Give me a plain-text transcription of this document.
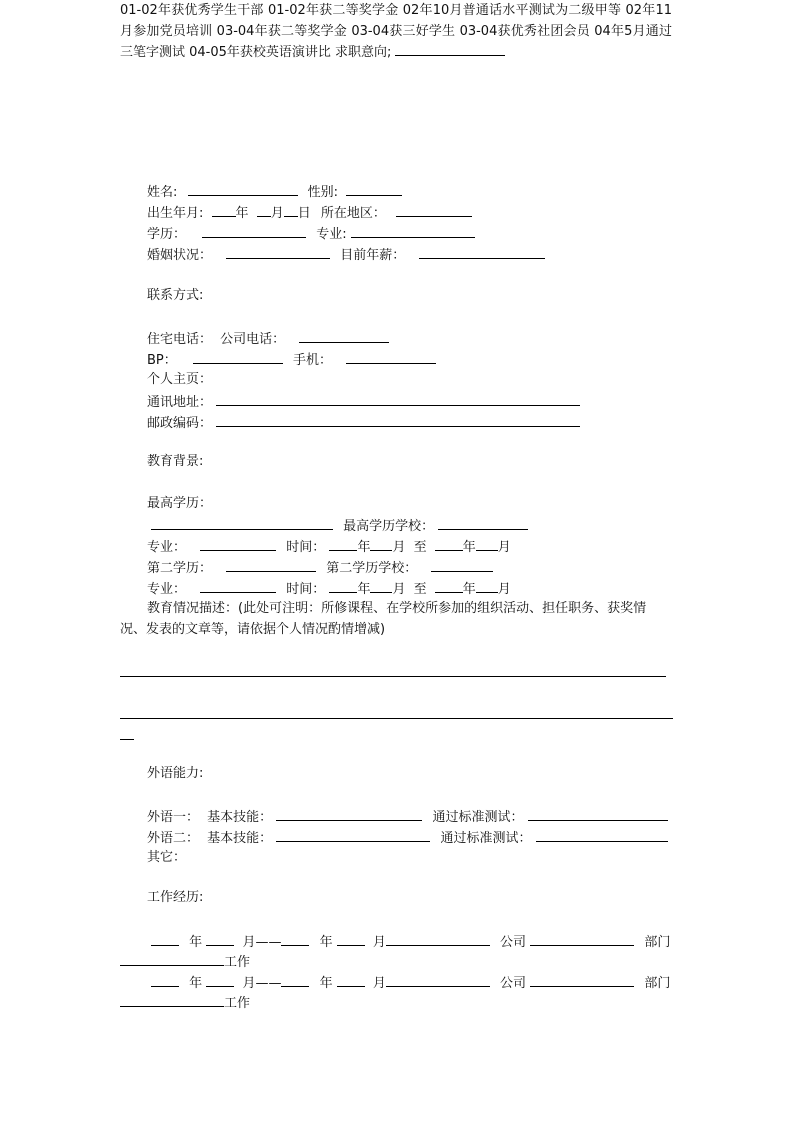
01-02年获优秀学生干部 01-02年获二等奖学金 02年10月普通话水平测试为二级甲等 02年11月参加党员培训 03-04年获二等奖学金 03-04获三好学生 03-04获优秀社团会员 04年5月通过三笔字测试 04-05年获校英语演讲比 求职意向;
姓名:	性别:
出生年月: 年 月 日 所在地区：
学历：	专业:
婚姻状况：	目前年薪：
联系方式:
住宅电话： 公司电话：
BP：	手机：
个人主页：
通讯地址：
邮政编码：
教育背景:
最高学历：
最高学历学校：
专业：	时间： 年 月 至	年 月
第二学历：	第二学历学校：
专业：	时间： 年 月 至	年 月
教育情况描述：(此处可注明：所修课程、在学校所参加的组织活动、担任职务、获奖情况、发表的文章等，请依据个人情况酌情增减)
外语能力:
外语一： 基本技能：	通过标准测试：
外语二： 基本技能：	通过标准测试：
其它：
工作经历:
年	月——	年	月	公司	部门
工作
年	月——	年	月	公司	部门
工作
